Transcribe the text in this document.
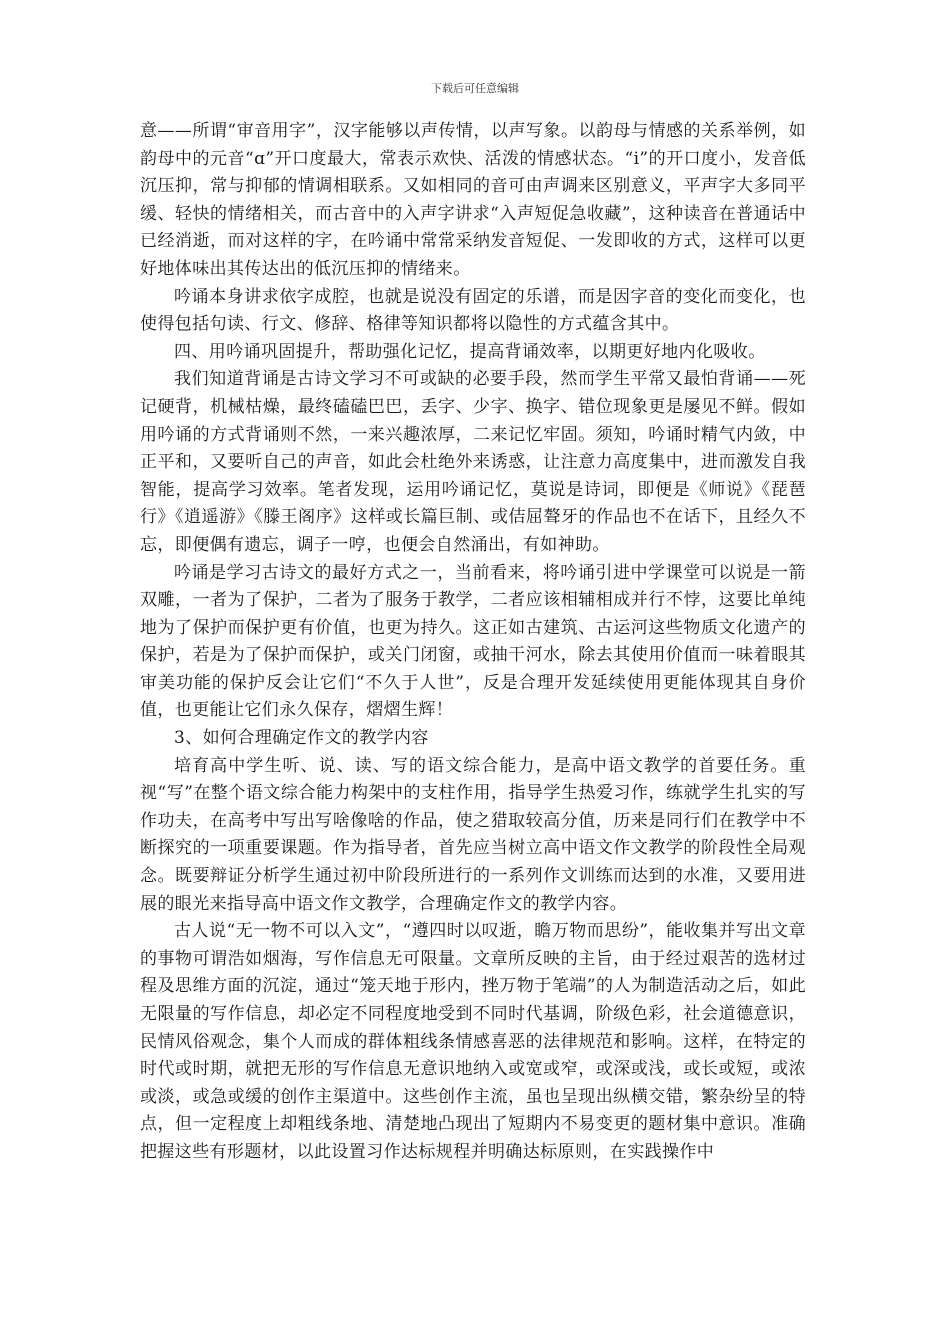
下载后可任意编辑

意——所谓“审音用字”，汉字能够以声传情，以声写象。以韵母与情感的关系举例，如韵母中的元音“ɑ”开口度最大，常表示欢快、活泼的情感状态。“i”的开口度小，发音低沉压抑，常与抑郁的情调相联系。又如相同的音可由声调来区别意义，平声字大多同平缓、轻快的情绪相关，而古音中的入声字讲求“入声短促急收藏”，这种读音在普通话中已经消逝，而对这样的字，在吟诵中常常采纳发音短促、一发即收的方式，这样可以更好地体味出其传达出的低沉压抑的情绪来。

吟诵本身讲求依字成腔，也就是说没有固定的乐谱，而是因字音的变化而变化，也使得包括句读、行文、修辞、格律等知识都将以隐性的方式蕴含其中。

四、用吟诵巩固提升，帮助强化记忆，提高背诵效率，以期更好地内化吸收。

我们知道背诵是古诗文学习不可或缺的必要手段，然而学生平常又最怕背诵——死记硬背，机械枯燥，最终磕磕巴巴，丢字、少字、换字、错位现象更是屡见不鲜。假如用吟诵的方式背诵则不然，一来兴趣浓厚，二来记忆牢固。须知，吟诵时精气内敛，中正平和，又要听自己的声音，如此会杜绝外来诱惑，让注意力高度集中，进而激发自我智能，提高学习效率。笔者发现，运用吟诵记忆，莫说是诗词，即便是《师说》《琵琶行》《逍遥游》《滕王阁序》这样或长篇巨制、或佶屈聱牙的作品也不在话下，且经久不忘，即便偶有遗忘，调子一哼，也便会自然涌出，有如神助。

吟诵是学习古诗文的最好方式之一，当前看来，将吟诵引进中学课堂可以说是一箭双雕，一者为了保护，二者为了服务于教学，二者应该相辅相成并行不悖，这要比单纯地为了保护而保护更有价值，也更为持久。这正如古建筑、古运河这些物质文化遗产的保护，若是为了保护而保护，或关门闭窗，或抽干河水，除去其使用价值而一味着眼其审美功能的保护反会让它们“不久于人世”，反是合理开发延续使用更能体现其自身价值，也更能让它们永久保存，熠熠生辉！

3、如何合理确定作文的教学内容

培育高中学生听、说、读、写的语文综合能力，是高中语文教学的首要任务。重视“写”在整个语文综合能力构架中的支柱作用，指导学生热爱习作，练就学生扎实的写作功夫，在高考中写出写啥像啥的作品，使之猎取较高分值，历来是同行们在教学中不断探究的一项重要课题。作为指导者，首先应当树立高中语文作文教学的阶段性全局观念。既要辩证分析学生通过初中阶段所进行的一系列作文训练而达到的水准，又要用进展的眼光来指导高中语文作文教学，合理确定作文的教学内容。

古人说“无一物不可以入文”，“遵四时以叹逝，瞻万物而思纷”，能收集并写出文章的事物可谓浩如烟海，写作信息无可限量。文章所反映的主旨，由于经过艰苦的选材过程及思维方面的沉淀，通过“笼天地于形内，挫万物于笔端”的人为制造活动之后，如此无限量的写作信息，却必定不同程度地受到不同时代基调，阶级色彩，社会道德意识，民情风俗观念，集个人而成的群体粗线条情感喜恶的法律规范和影响。这样，在特定的时代或时期，就把无形的写作信息无意识地纳入或宽或窄，或深或浅，或长或短，或浓或淡，或急或缓的创作主渠道中。这些创作主流，虽也呈现出纵横交错，繁杂纷呈的特点，但一定程度上却粗线条地、清楚地凸现出了短期内不易变更的题材集中意识。准确把握这些有形题材，以此设置习作达标规程并明确达标原则，在实践操作中
